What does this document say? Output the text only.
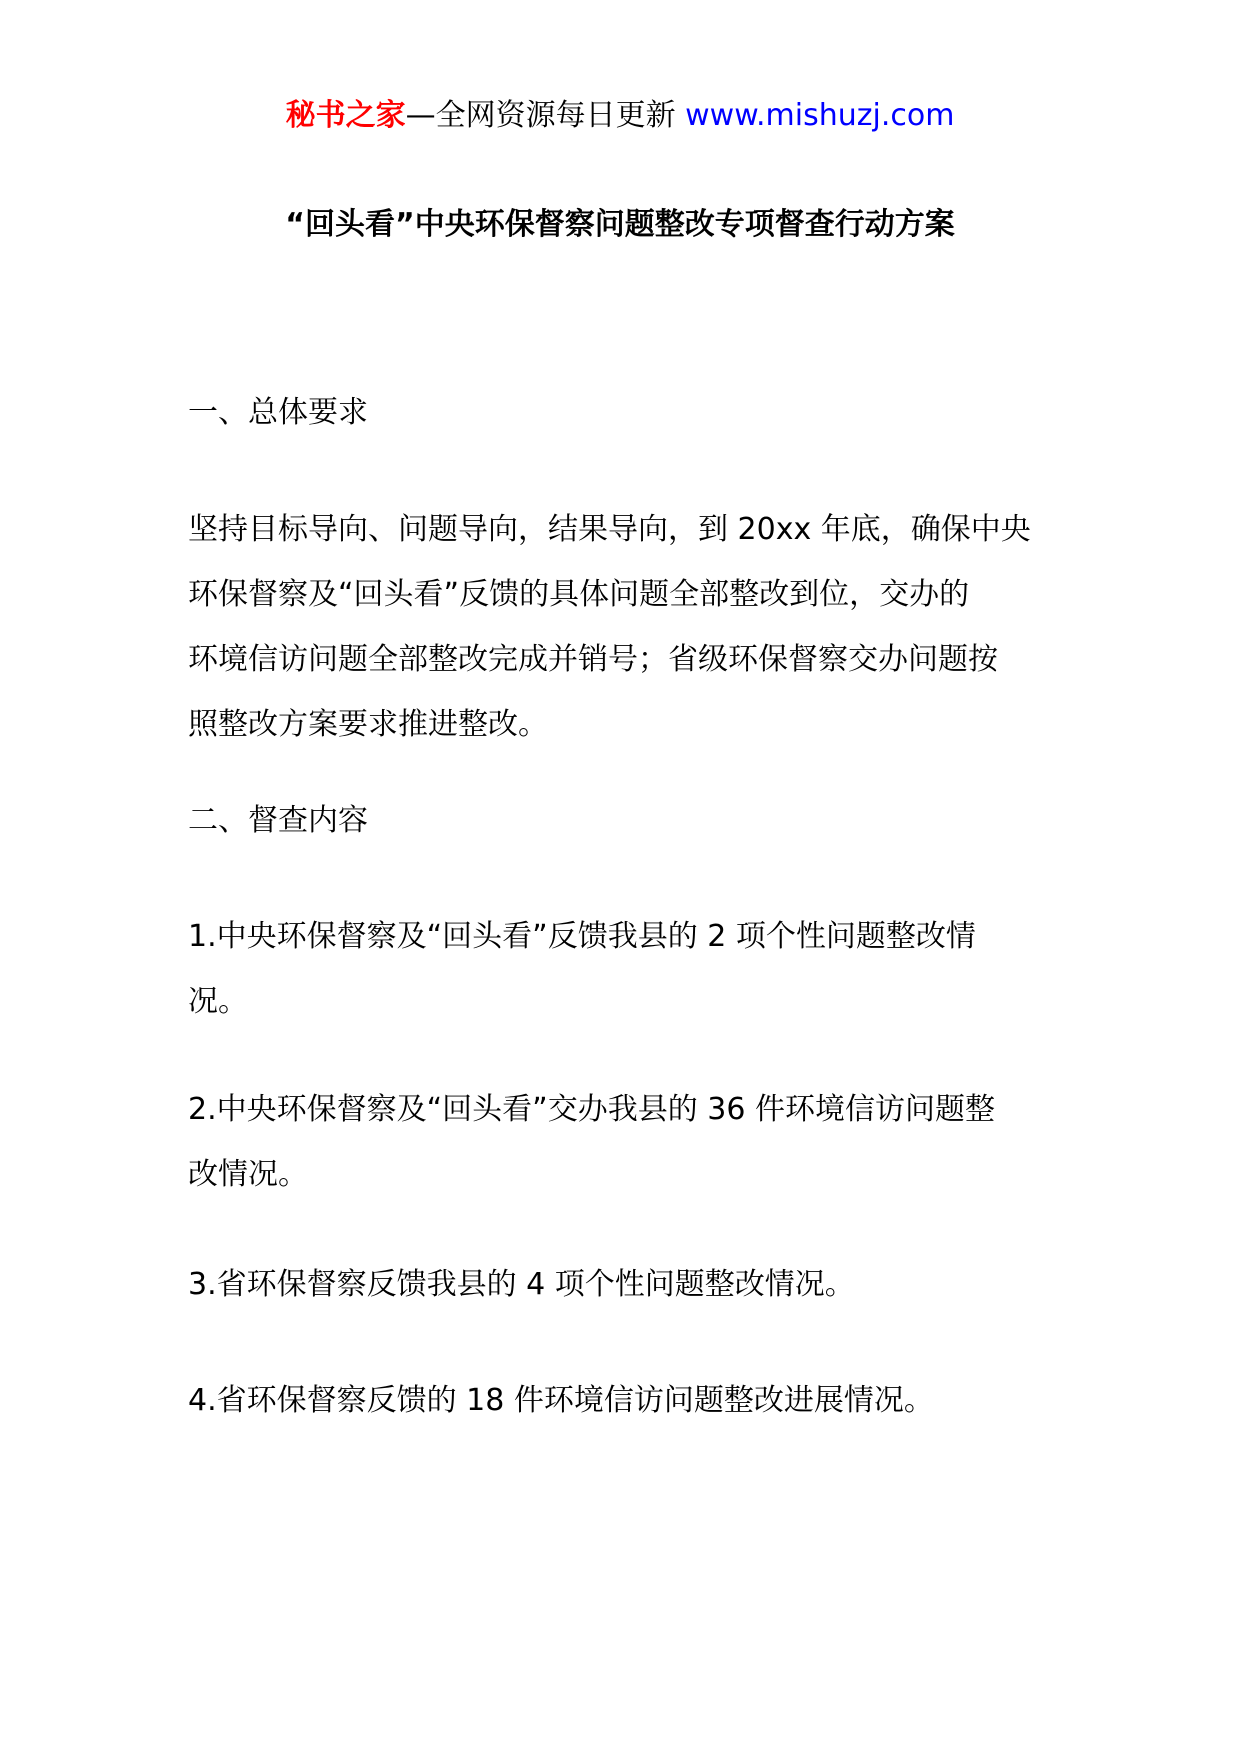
秘书之家—全网资源每日更新 www.mishuzj.com
“回头看”中央环保督察问题整改专项督查行动方案

一、总体要求

坚持目标导向、问题导向，结果导向，到 20xx 年底，确保中央
环保督察及“回头看”反馈的具体问题全部整改到位，交办的
环境信访问题全部整改完成并销号；省级环保督察交办问题按
照整改方案要求推进整改。

二、督查内容

1.中央环保督察及“回头看”反馈我县的 2 项个性问题整改情
况。

2.中央环保督察及“回头看”交办我县的 36 件环境信访问题整
改情况。

3.省环保督察反馈我县的 4 项个性问题整改情况。

4.省环保督察反馈的 18 件环境信访问题整改进展情况。
